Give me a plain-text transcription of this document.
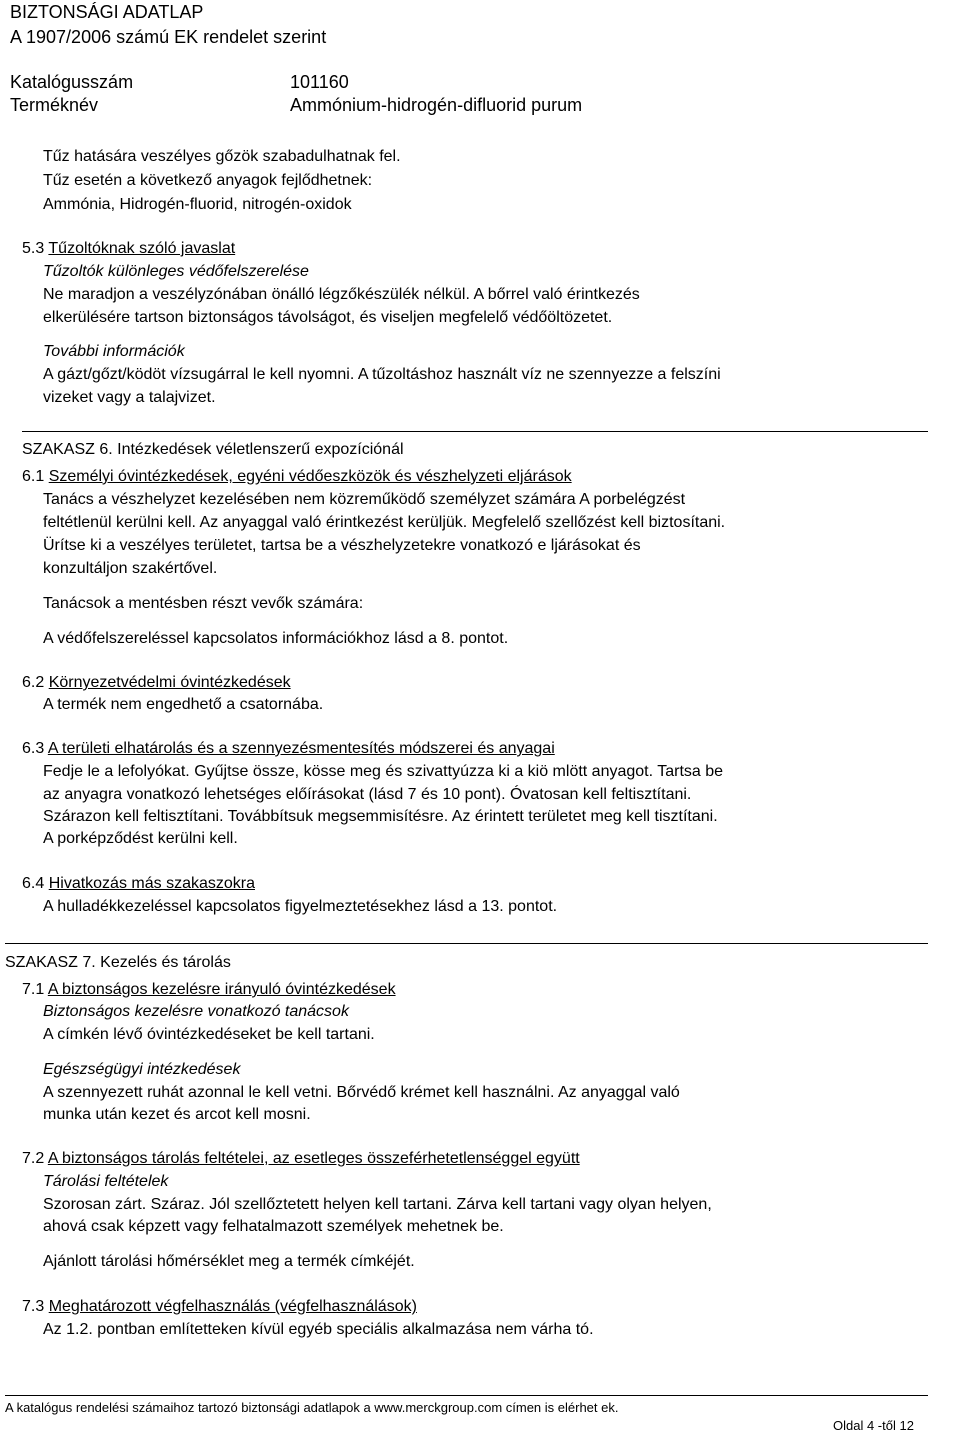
BIZTONSÁGI ADATLAP
A 1907/2006 számú EK rendelet szerint
Katalógusszám	101160
Terméknév	Ammónium-hidrogén-difluorid purum
Tűz hatására veszélyes gőzök szabadulhatnak fel.
Tűz esetén a következő anyagok fejlődhetnek:
Ammónia, Hidrogén-fluorid, nitrogén-oxidok
5.3 Tűzoltóknak szóló javaslat
Tűzoltók különleges védőfelszerelése
Ne maradjon a veszélyzónában önálló légzőkészülék nélkül. A bőrrel való érintkezés
elkerülésére tartson biztonságos távolságot, és viseljen megfelelő védőöltözetet.
További információk
A gázt/gőzt/ködöt vízsugárral le kell nyomni. A tűzoltáshoz használt víz ne szennyezze a felszíni
vizeket vagy a talajvizet.
SZAKASZ 6. Intézkedések véletlenszerű expozíciónál
6.1 Személyi óvintézkedések, egyéni védőeszközök és vészhelyzeti eljárások
Tanács a vészhelyzet kezelésében nem közreműködő személyzet számára A porbelégzést
feltétlenül kerülni kell. Az anyaggal való érintkezést kerüljük. Megfelelő szellőzést kell biztosítani.
Ürítse ki a veszélyes területet, tartsa be a vészhelyzetekre vonatkozó e ljárásokat és
konzultáljon szakértővel.
Tanácsok a mentésben részt vevők számára:
A védőfelszereléssel kapcsolatos információkhoz lásd a 8. pontot.
6.2 Környezetvédelmi óvintézkedések
A termék nem engedhető a csatornába.
6.3 A területi elhatárolás és a szennyezésmentesítés módszerei és anyagai
Fedje le a lefolyókat. Gyűjtse össze, kösse meg és szivattyúzza ki a kiö mlött anyagot. Tartsa be
az anyagra vonatkozó lehetséges előírásokat (lásd 7 és 10 pont). Óvatosan kell feltisztítani.
Szárazon kell feltisztítani. Továbbítsuk megsemmisítésre. Az érintett területet meg kell tisztítani.
A porképződést kerülni kell.
6.4 Hivatkozás más szakaszokra
A hulladékkezeléssel kapcsolatos figyelmeztetésekhez lásd a 13. pontot.
SZAKASZ 7. Kezelés és tárolás
7.1 A biztonságos kezelésre irányuló óvintézkedések
Biztonságos kezelésre vonatkozó tanácsok
A címkén lévő óvintézkedéseket be kell tartani.
Egészségügyi intézkedések
A szennyezett ruhát azonnal le kell vetni. Bőrvédő krémet kell használni. Az anyaggal való
munka után kezet és arcot kell mosni.
7.2 A biztonságos tárolás feltételei, az esetleges összeférhetetlenséggel együtt
Tárolási feltételek
Szorosan zárt. Száraz. Jól szellőztetett helyen kell tartani. Zárva kell tartani vagy olyan helyen,
ahová csak képzett vagy felhatalmazott személyek mehetnek be.
Ajánlott tárolási hőmérséklet meg a termék címkéjét.
7.3 Meghatározott végfelhasználás (végfelhasználások)
Az 1.2. pontban említetteken kívül egyéb speciális alkalmazása nem várha tó.
A katalógus rendelési számaihoz tartozó biztonsági adatlapok a www.merckgroup.com címen is elérhet ek.
Oldal 4 -től 12
